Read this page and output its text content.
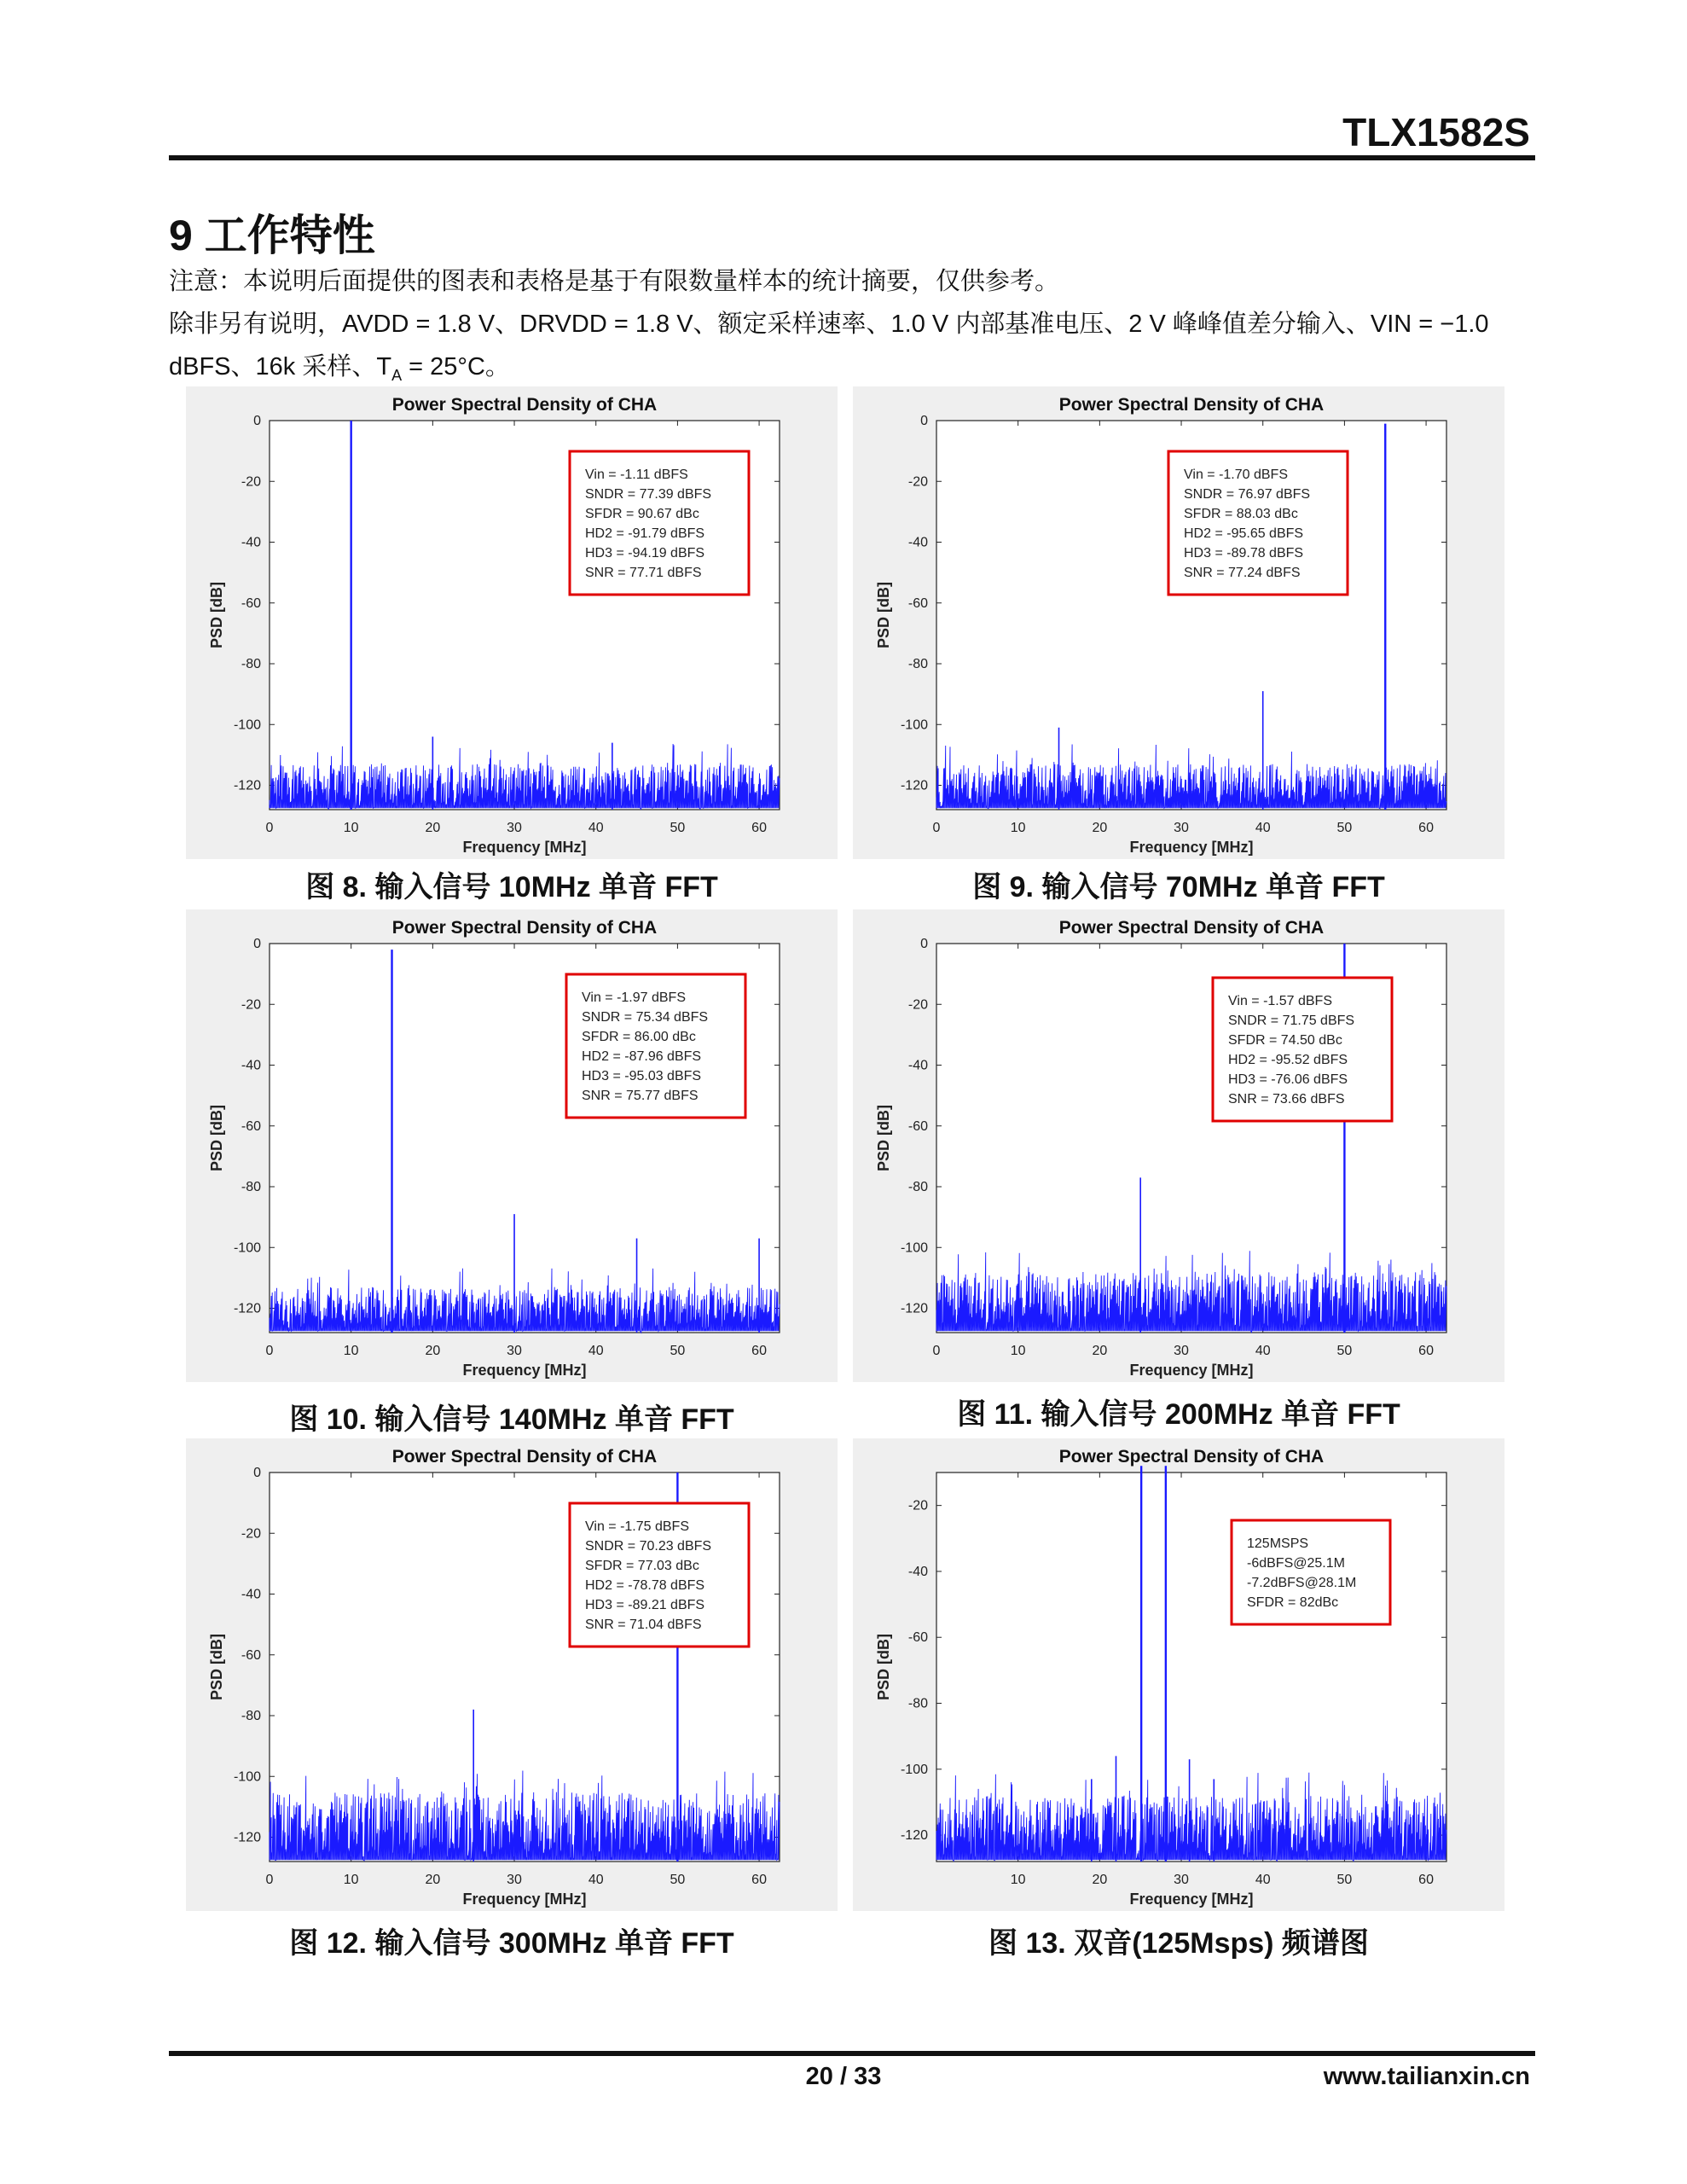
TLX1582S
9 工作特性
注意：本说明后面提供的图表和表格是基于有限数量样本的统计摘要，仅供参考。
除非另有说明，AVDD = 1.8 V、DRVDD = 1.8 V、额定采样速率、1.0 V 内部基准电压、2 V 峰峰值差分输入、VIN = −1.0 dBFS、16k 采样、$T_A = 25^\circ C$。
Power Spectral Density of CHA
0	10	20	30	40	50	60
0
-20
-40
-60
-80
-100
-120
Frequency [MHz]
PSD [dB]
Vin = -1.11 dBFS
SNDR = 77.39 dBFS
SFDR = 90.67 dBc
HD2 = -91.79 dBFS
HD3 = -94.19 dBFS
SNR = 77.71 dBFS
图 8. 输入信号 10MHz 单音 FFT
Power Spectral Density of CHA
0	10	20	30	40	50	60
0
-20
-40
-60
-80
-100
-120
Frequency [MHz]
PSD [dB]
Vin = -1.70 dBFS
SNDR = 76.97 dBFS
SFDR = 88.03 dBc
HD2 = -95.65 dBFS
HD3 = -89.78 dBFS
SNR = 77.24 dBFS
图 9. 输入信号 70MHz 单音 FFT
Power Spectral Density of CHA
0	10	20	30	40	50	60
0
-20
-40
-60
-80
-100
-120
Frequency [MHz]
PSD [dB]
Vin = -1.97 dBFS
SNDR = 75.34 dBFS
SFDR = 86.00 dBc
HD2 = -87.96 dBFS
HD3 = -95.03 dBFS
SNR = 75.77 dBFS
图 10. 输入信号 140MHz 单音 FFT
Power Spectral Density of CHA
0	10	20	30	40	50	60
0
-20
-40
-60
-80
-100
-120
Frequency [MHz]
PSD [dB]
Vin = -1.57 dBFS
SNDR = 71.75 dBFS
SFDR = 74.50 dBc
HD2 = -95.52 dBFS
HD3 = -76.06 dBFS
SNR = 73.66 dBFS
图 11. 输入信号 200MHz 单音 FFT
Power Spectral Density of CHA
0	10	20	30	40	50	60
0
-20
-40
-60
-80
-100
-120
Frequency [MHz]
PSD [dB]
Vin = -1.75 dBFS
SNDR = 70.23 dBFS
SFDR = 77.03 dBc
HD2 = -78.78 dBFS
HD3 = -89.21 dBFS
SNR = 71.04 dBFS
图 12. 输入信号 300MHz 单音 FFT
Power Spectral Density of CHA
10	20	30	40	50	60
-20
-40
-60
-80
-100
-120
Frequency [MHz]
PSD [dB]
125MSPS
-6dBFS@25.1M
-7.2dBFS@28.1M
SFDR = 82dBc
图 13. 双音(125Msps) 频谱图
20 / 33	www.tailianxin.cn
